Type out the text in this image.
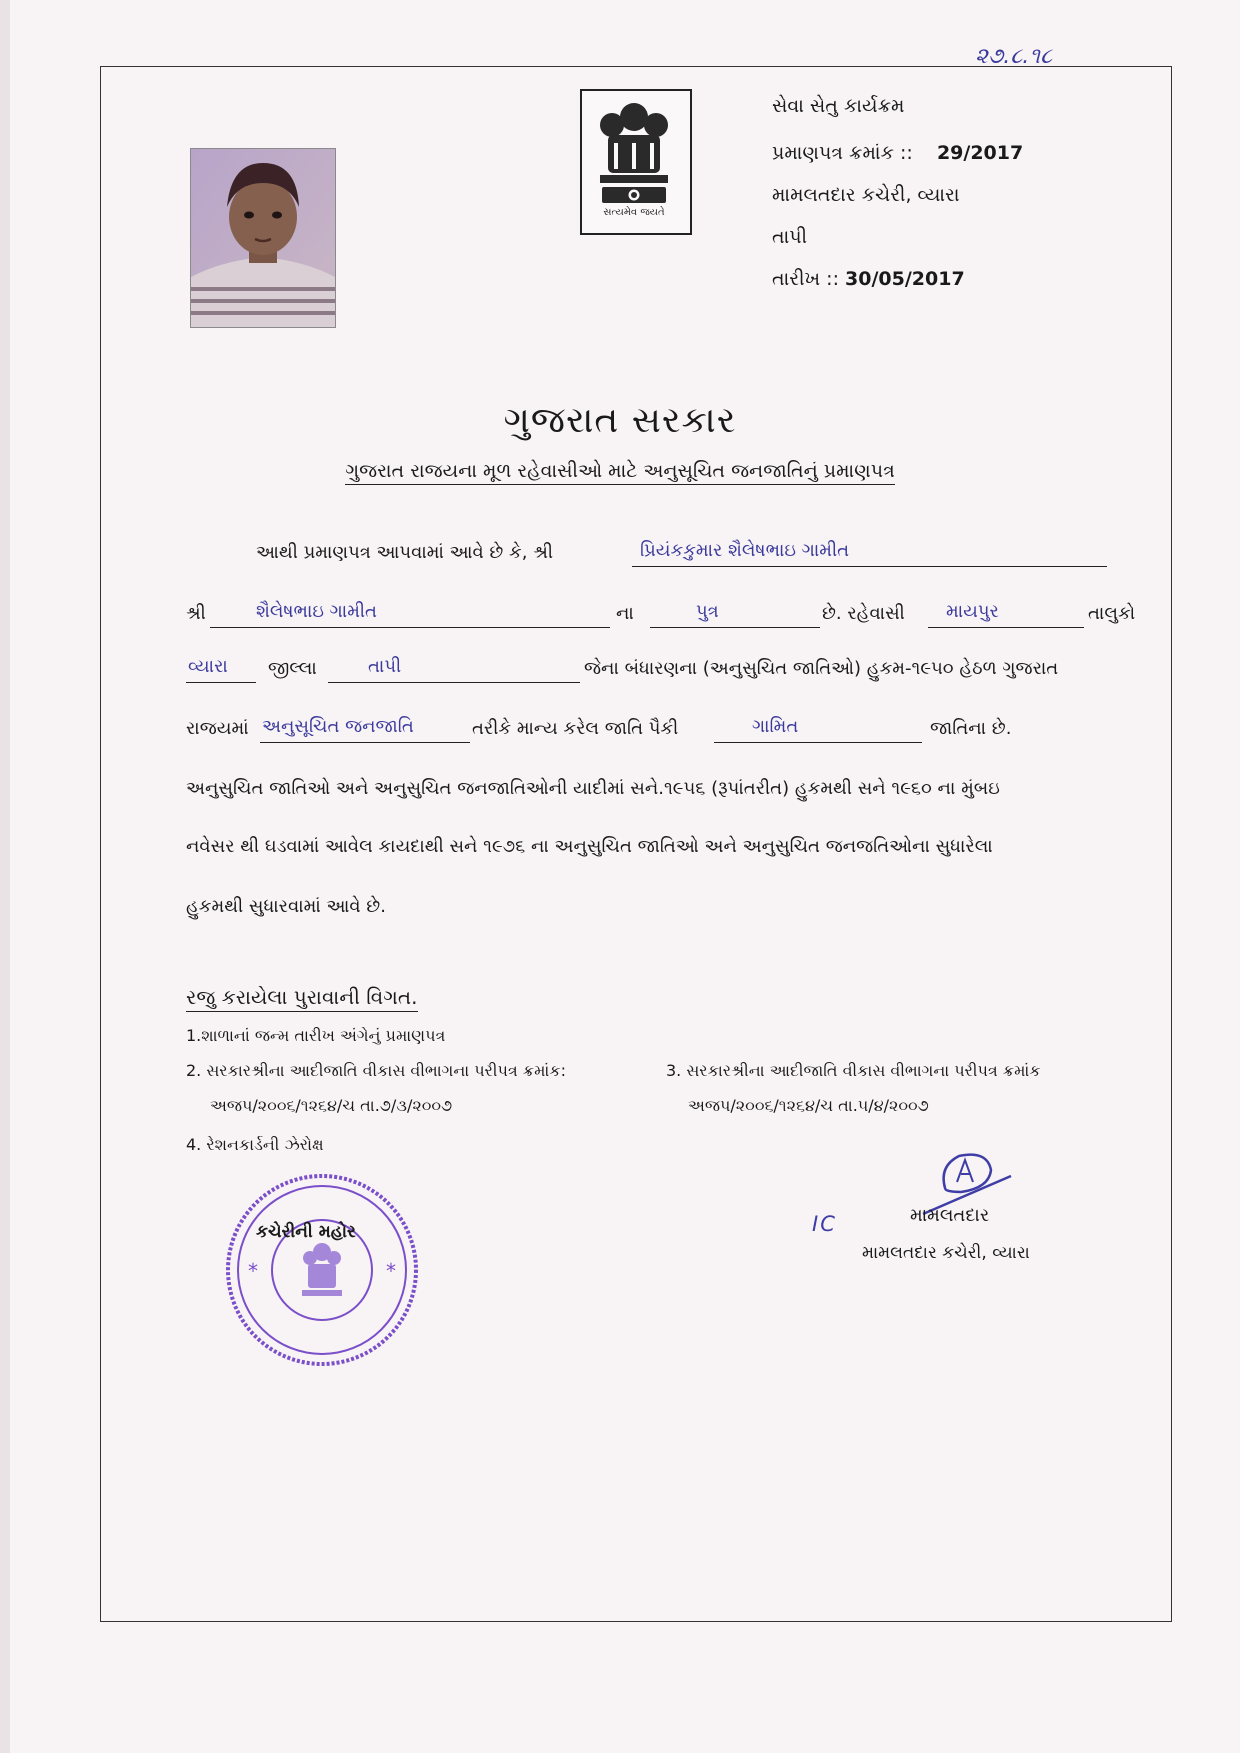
૨૭.૮.૧૮
સત્યમેવ જયતે
સેવા સેતુ કાર્યક્રમ
પ્રમાણપત્ર ક્રમાંક :: 29/2017
મામલતદાર કચેરી, વ્યારા
તાપી
તારીખ :: 30/05/2017
ગુજરાત સરકાર
ગુજરાત રાજયના મૂળ રહેવાસીઓ માટે અનુસૂચિત જનજાતિનું પ્રમાણપત્ર
આથી પ્રમાણપત્ર આપવામાં આવે છે કે, શ્રી	પ્રિયંકકુમાર શૈલેષભાઇ ગામીત
શ્રી	શૈલેષભાઇ ગામીત	ના	પુત્ર	છે. રહેવાસી માયપુર	તાલુકો
વ્યારા જીલ્લા	તાપી	જેના બંધારણના (અનુસુચિત જાતિઓ) હુકમ-૧૯૫૦ હેઠળ ગુજરાત
રાજયમાં અનુસૂચિત જનજાતિ	તરીકે માન્ય કરેલ જાતિ પૈકી	ગામિત	જાતિના છે.
અનુસુચિત જાતિઓ અને અનુસુચિત જનજાતિઓની યાદીમાં સને.૧૯૫૬ (રૂપાંતરીત) હુકમથી સને ૧૯૬૦ ના મુંબઇ
નવેસર થી ઘડવામાં આવેલ કાયદાથી સને ૧૯૭૬ ના અનુસુચિત જાતિઓ અને અનુસુચિત જનજતિઓના સુધારેલા
હુકમથી સુધારવામાં આવે છે.
રજુ કરાયેલા પુરાવાની વિગત.
1.શાળાનાં જન્મ તારીખ અંગેનું પ્રમાણપત્ર
2. સરકારશ્રીના આદીજાતિ વીકાસ વીભાગના પરીપત્ર ક્રમાંક:
અજપ/૨૦૦૬/૧૨૬૪/ચ તા.૭/૩/૨૦૦૭
3. સરકારશ્રીના આદીજાતિ વીકાસ વીભાગના પરીપત્ર ક્રમાંક
અજપ/૨૦૦૬/૧૨૬૪/ચ તા.૫/૪/૨૦૦૭
4. રેશનકાર્ડની ઝેરોક્ષ
*	*
કચેરીની મહોર	IC	મામલતદાર
મામલતદાર કચેરી, વ્યારા
